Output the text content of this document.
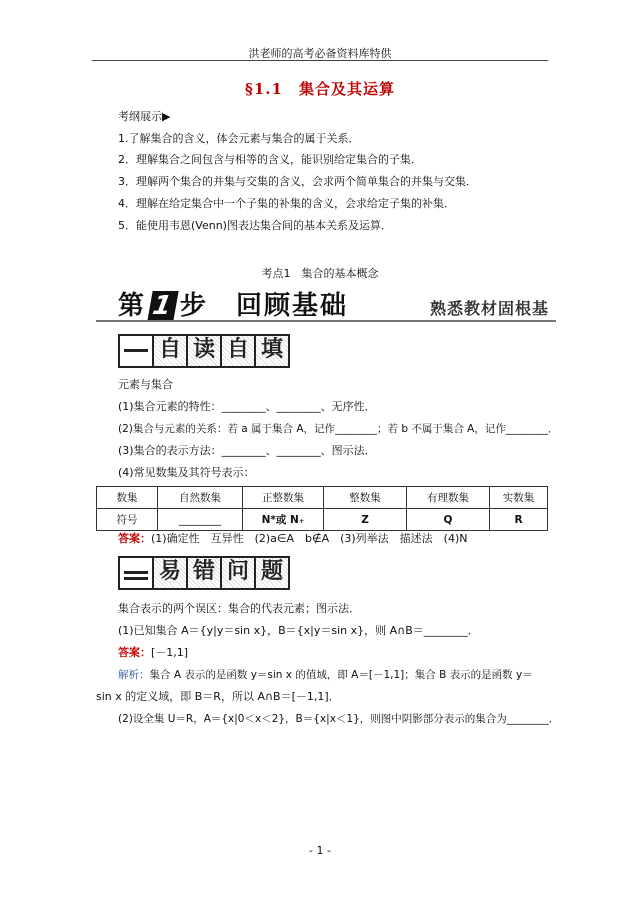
洪老师的高考必备资料库特供
§1.1　集合及其运算
考纲展示▶
1.了解集合的含义，体会元素与集合的属于关系．
2．理解集合之间包含与相等的含义，能识别给定集合的子集．
3．理解两个集合的并集与交集的含义，会求两个简单集合的并集与交集．
4．理解在给定集合中一个子集的补集的含义，会求给定子集的补集．
5．能使用韦恩(Venn)图表达集合间的基本关系及运算．
考点1　集合的基本概念
第 1 步　回顾基础	熟悉教材固根基
自 读 自 填
元素与集合
(1)集合元素的特性：________、________、无序性．
(2)集合与元素的关系：若 a 属于集合 A，记作________；若 b 不属于集合 A，记作________．
(3)集合的表示方法：________、________、图示法．
(4)常见数集及其符号表示：
数集	自然数集	正整数集	整数集	有理数集	实数集
符号	________	N*或 N₊	Z	Q	R
答案：(1)确定性　互异性　(2)a∈A　b∉A　(3)列举法　描述法　(4)N
易 错 问 题
集合表示的两个误区：集合的代表元素；图示法．
(1)已知集合 A＝{y|y＝sin x}，B＝{x|y＝sin x}，则 A∩B＝________．
答案：[－1,1]
解析：集合 A 表示的是函数 y＝sin x 的值域，即 A＝[－1,1]；集合 B 表示的是函数 y＝
sin x 的定义域，即 B＝R，所以 A∩B＝[－1,1]．
(2)设全集 U＝R，A＝{x|0＜x＜2}，B＝{x|x＜1}，则图中阴影部分表示的集合为________．
- 1 -
